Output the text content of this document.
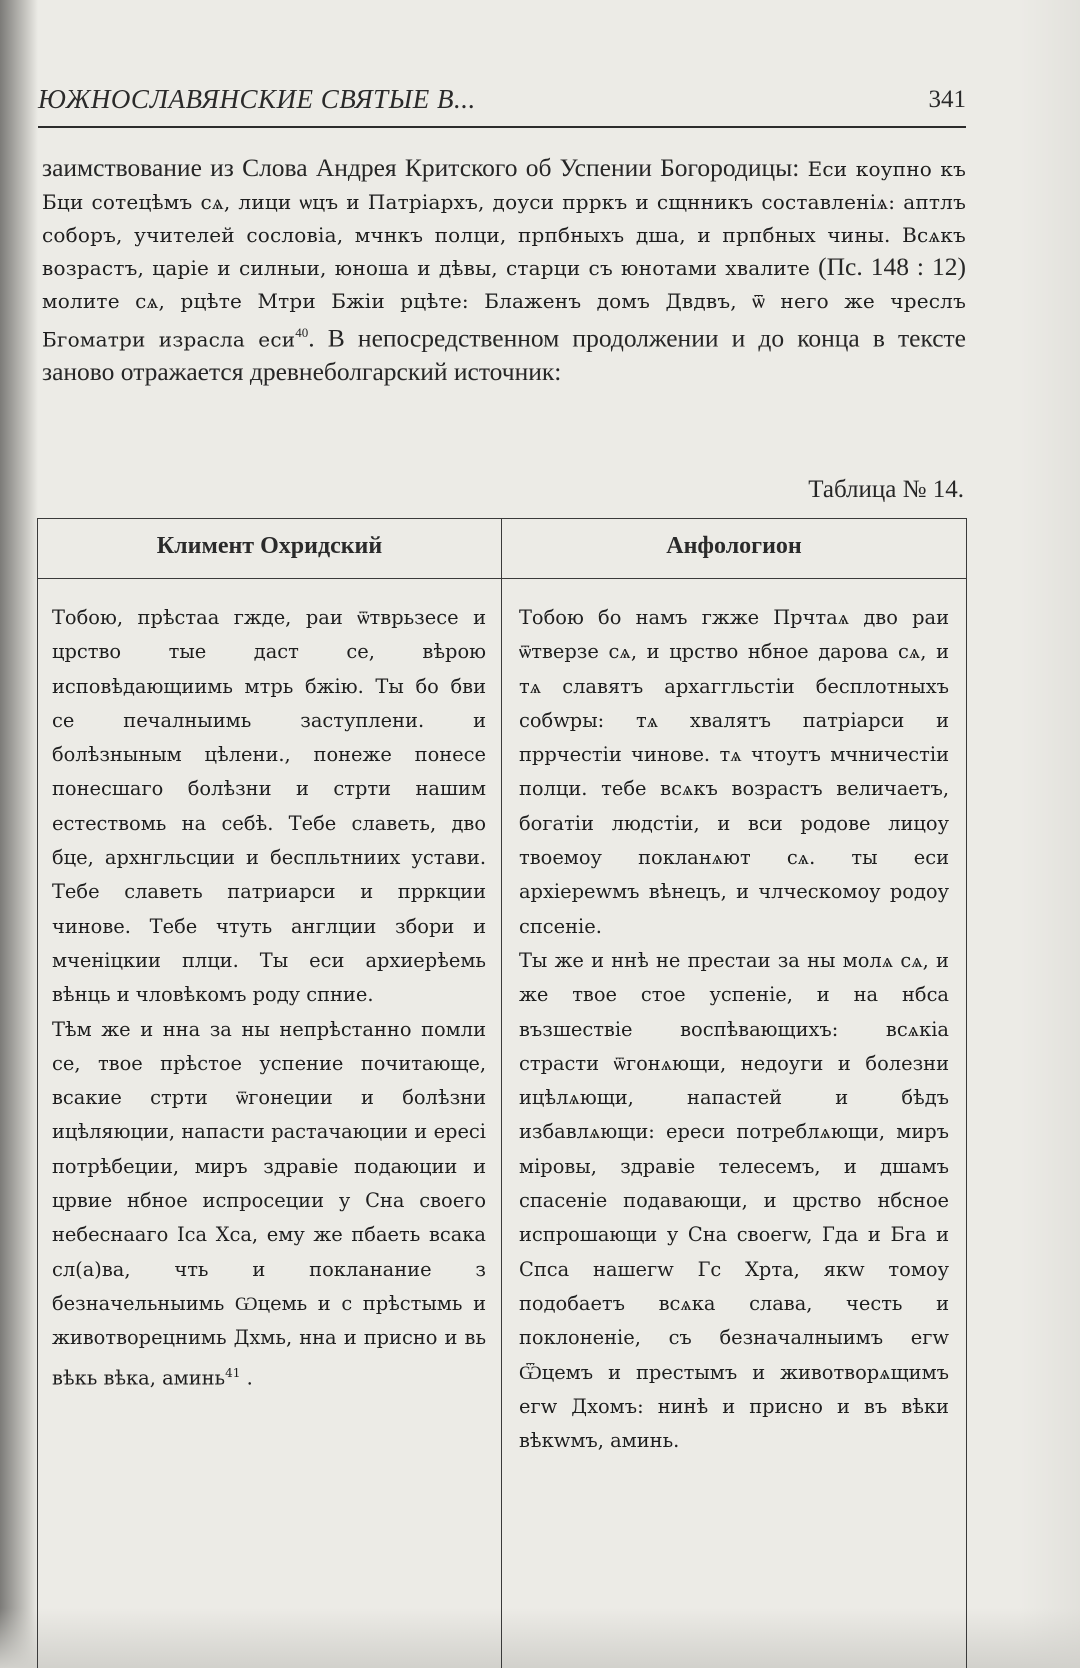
ЮЖНОСЛАВЯНСКИЕ СВЯТЫЕ В...	341

заимствование из Слова Андрея Критского об Успении Богородицы: Еси коупно къ Бци сотецѣмъ сѧ, лици ѡцъ и Патріархъ, доуси прркъ и сщнникъ составленіѧ: аптлъ соборъ, учителей сословіа, мчнкъ полци, прпбныхъ дша, и прпбных чины. Всѧкъ возрастъ, царіе и силныи, юноша и дѣвы, старци съ юнотами хвалите (Пс. 148 : 12) молите сѧ, рцѣте Мтри Бжіи рцѣте: Блаженъ домъ Двдвъ, ѿ него же чреслъ Бгоматри израсла еси$^{40}$. В непосредственном продолжении и до конца в тексте заново отражается древнеболгарский источник:

Таблица № 14.
Климент Охридский	Анфологион

Тобою, прѣстаа гжде, раи ѿтврьзесе и црство тые даст се, вѣрою исповѣдающиимь мтрь бжію. Ты бо бви се печалныимь заступлени. и болѣзныным цѣлени., понеже понесе понесшаго болѣзни и стрти нашим естествомь на себѣ. Тебе славеть, дво бце, архнгльсции и беспльтниих устави. Тебе славеть патриарси и прркции чинове. Тебе чтуть англции збори и мченіцкии плци. Ты еси архиерѣемь вѣнць и чловѣкомъ роду спние.

Тѣм же и нна за ны непрѣстанно помли се, твое прѣстое успение почитающе, всакие стрти ѿгонеции и болѣзни ицѣляюции, напасти растачаюции и ересі потрѣбеции, миръ здравіе подаюции и црвие нбное испросеции у Сна своего небеснааго Ісa Хса, ему же пбаеть всака сл(а)ва, чть и покланание з безначельныимь Ѡцемь и с прѣстымь и животворецнимь Дхмь, нна и присно и вь вѣкь вѣка, аминь$^{41}$ .

Тобою бо намъ гжже Прчтаѧ дво раи ѿтверзе сѧ, и црство нбное дарова сѧ, и тѧ славятъ архаггльстіи бесплотныхъ собwры: тѧ хвалятъ патріарси и пррчестіи чинове. тѧ чтоутъ мчничестіи полци. тебе всѧкъ возрастъ величаетъ, богатіи людстіи, и вси родове лицоу твоемоу покланѧют сѧ. ты еси архіереwмъ вѣнецъ, и члческомоу родоу спсеніе.

Ты же и ннѣ не престаи за ны молѧ сѧ, и же твое стое успеніе, и на нбса възшествіе воспѣвающихъ: всѧкіа страсти ѿгонѧющи, недоуги и болезни ицѣлѧющи, напастей и бѣдъ избавлѧющи: ереси потреблѧющи, миръ міровы, здравіе телесемъ, и дшамъ спасеніе подавающи, и црство нбсное испрошающи у Сна своегw, Гда и Бга и Спса нашегw Гс Хрта, якw томоу подобаетъ всѧка слава, честь и поклоненіе, съ безначалныимъ егw Ѿцемъ и престымъ и животворѧщимъ егw Дхомъ: нинѣ и присно и въ вѣки вѣкwмъ, аминь.
